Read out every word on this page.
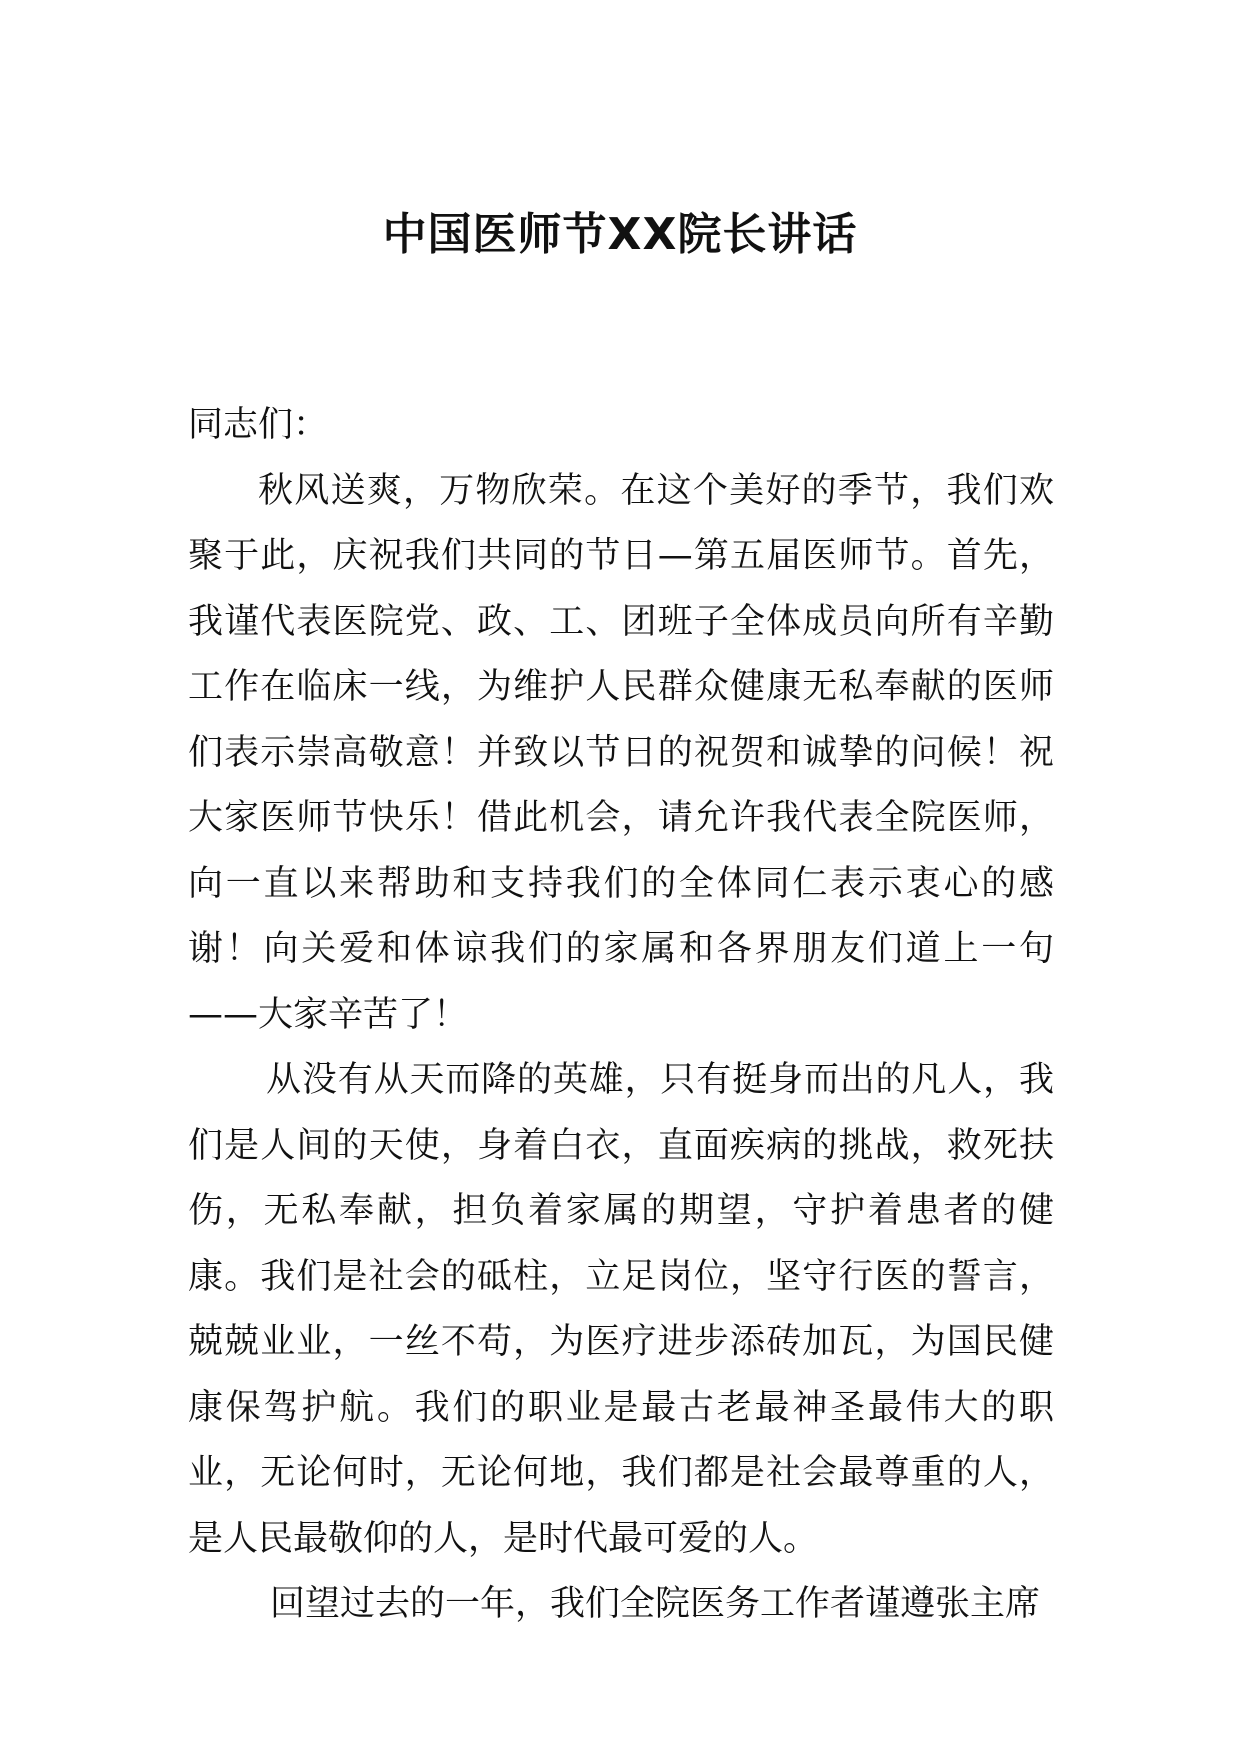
中国医师节XX院长讲话

同志们：

秋风送爽，万物欣荣。在这个美好的季节，我们欢聚于此，庆祝我们共同的节日—第五届医师节。首先，我谨代表医院党、政、工、团班子全体成员向所有辛勤工作在临床一线，为维护人民群众健康无私奉献的医师们表示崇高敬意！并致以节日的祝贺和诚挚的问候！祝大家医师节快乐！借此机会，请允许我代表全院医师，向一直以来帮助和支持我们的全体同仁表示衷心的感谢！向关爱和体谅我们的家属和各界朋友们道上一句——大家辛苦了！

从没有从天而降的英雄，只有挺身而出的凡人，我们是人间的天使，身着白衣，直面疾病的挑战，救死扶伤，无私奉献，担负着家属的期望，守护着患者的健康。我们是社会的砥柱，立足岗位，坚守行医的誓言，兢兢业业，一丝不苟，为医疗进步添砖加瓦，为国民健康保驾护航。我们的职业是最古老最神圣最伟大的职业，无论何时，无论何地，我们都是社会最尊重的人，是人民最敬仰的人，是时代最可爱的人。

回望过去的一年，我们全院医务工作者谨遵张主席
